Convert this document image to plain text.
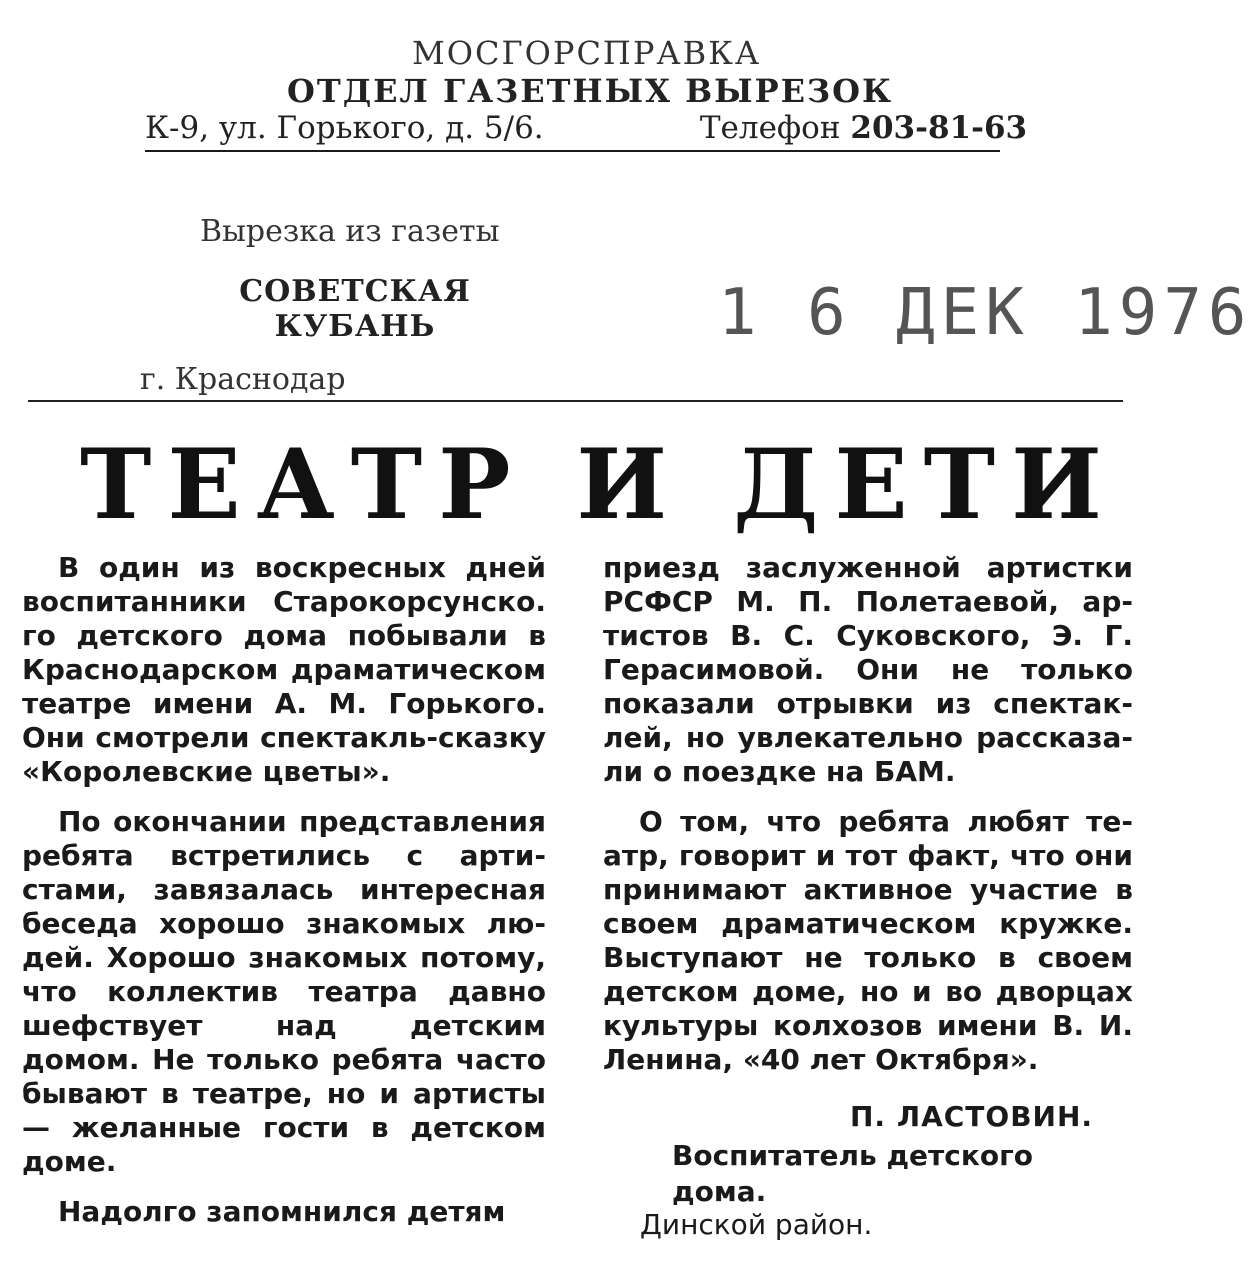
МОСГОРСПРАВКА
ОТДЕЛ ГАЗЕТНЫХ ВЫРЕЗОК
К-9, ул. Горького, д. 5/6.	Телефон 203-81-63
Вырезка из газеты
СОВЕТСКАЯ
КУБАНЬ
г. Краснодар
1 6 ДЕК 1976
ТЕАТР И ДЕТИ

В один из воскресных дней воспитанники Старокорсунско. го детского дома побывали в Краснодарском драматическом театре имени А. М. Горького. Они смотрели спектакль-сказку «Королевские цветы».

По окончании представления ребята встретились с артистами, завязалась интересная беседа хорошо знакомых людей. Хорошо знакомых потому, что коллектив театра давно шефствует над детским домом. Не только ребята часто бывают в театре, но и артисты — желанные гости в детском доме.

Надолго запомнился детям

приезд заслуженной артистки РСФСР М. П. Полетаевой, артистов В. С. Суковского, Э. Г. Герасимовой. Они не только показали отрывки из спектаклей, но увлекательно рассказали о поездке на БАМ.

О том, что ребята любят театр, говорит и тот факт, что они принимают активное участие в своем драматическом кружке. Выступают не только в своем детском доме, но и во дворцах культуры колхозов имени В. И. Ленина, «40 лет Октября».

П. ЛАСТОВИН.
Воспитатель детского дома.
Динской район.
